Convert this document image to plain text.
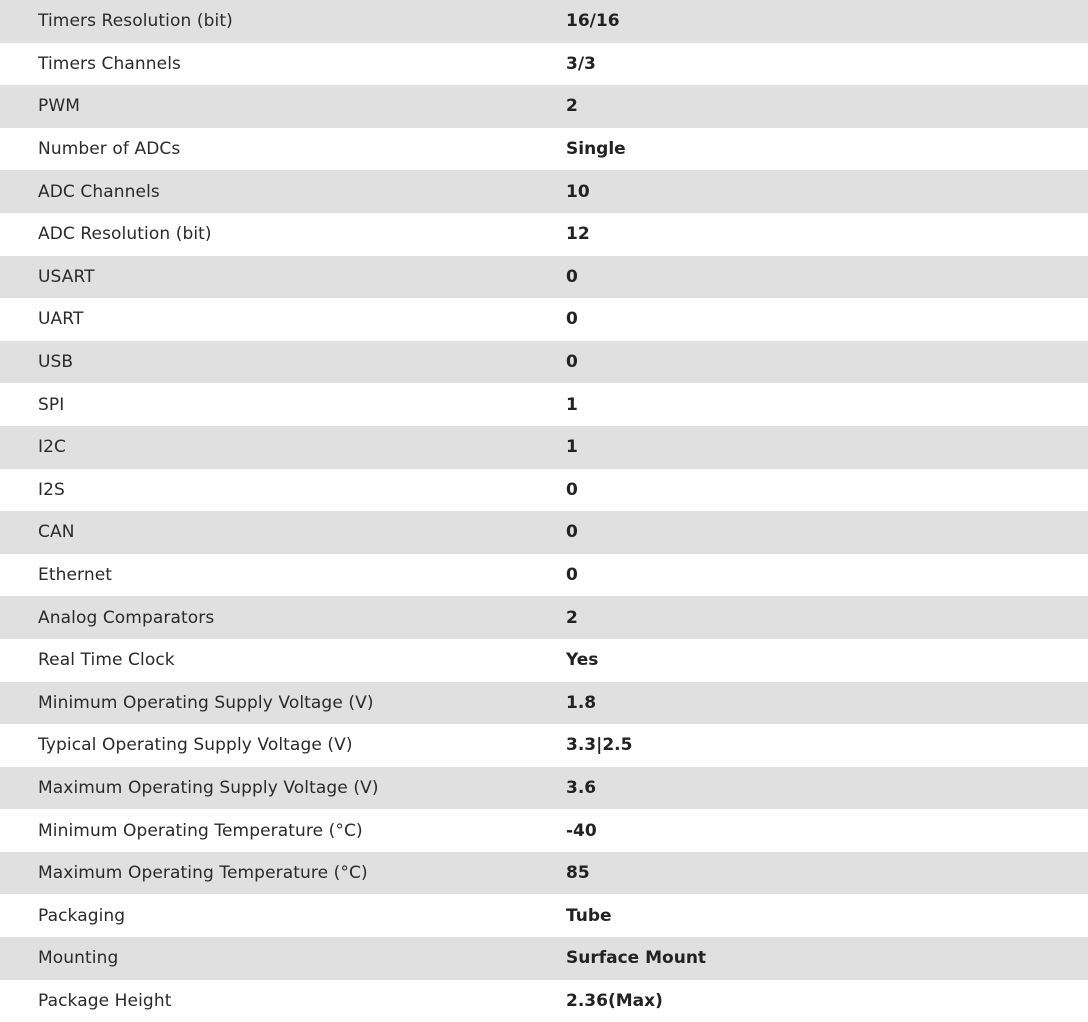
Timers Resolution (bit)	16/16
Timers Channels	3/3
PWM	2
Number of ADCs	Single
ADC Channels	10
ADC Resolution (bit)	12
USART	0
UART	0
USB	0
SPI	1
I2C	1
I2S	0
CAN	0
Ethernet	0
Analog Comparators	2
Real Time Clock	Yes
Minimum Operating Supply Voltage (V)	1.8
Typical Operating Supply Voltage (V)	3.3|2.5
Maximum Operating Supply Voltage (V)	3.6
Minimum Operating Temperature (°C)	-40
Maximum Operating Temperature (°C)	85
Packaging	Tube
Mounting	Surface Mount
Package Height	2.36(Max)
